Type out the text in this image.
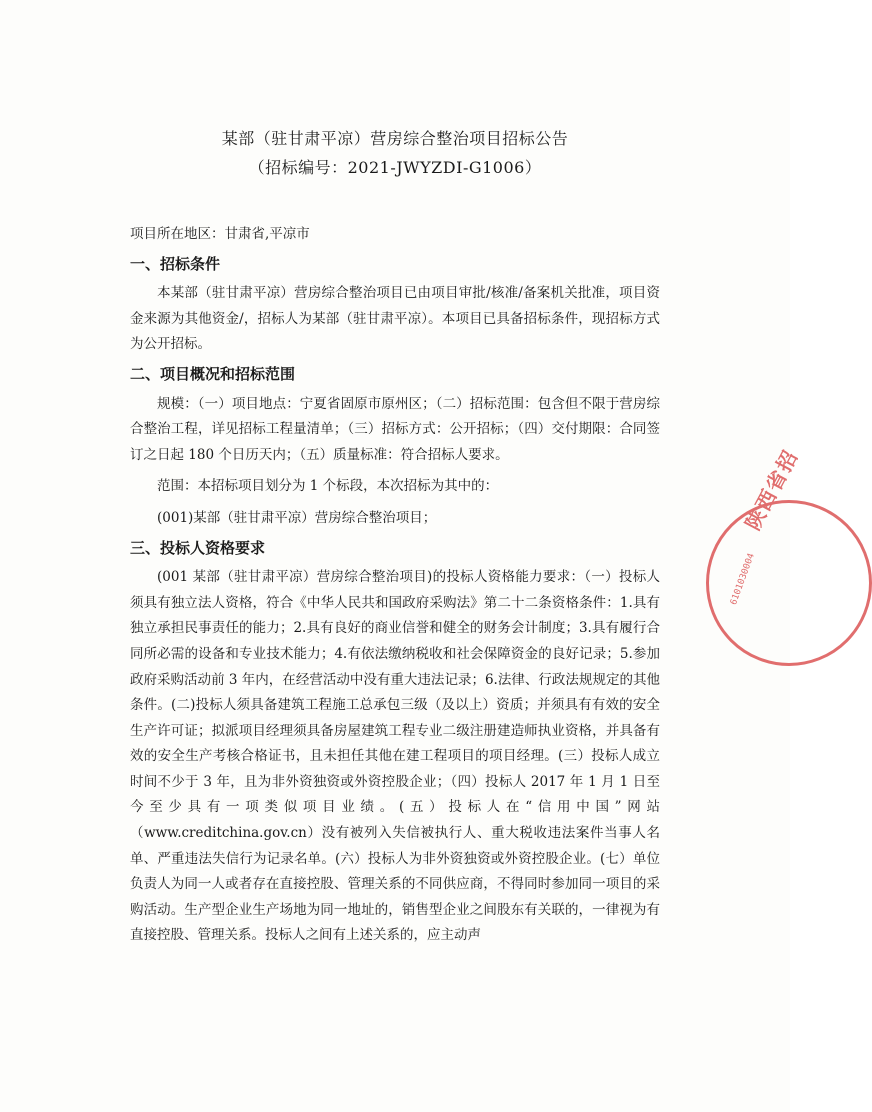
某部（驻甘肃平凉）营房综合整治项目招标公告
（招标编号：2021-JWYZDI-G1006）

项目所在地区：甘肃省,平凉市

一、招标条件

本某部（驻甘肃平凉）营房综合整治项目已由项目审批/核准/备案机关批准，项目资金来源为其他资金/，招标人为某部（驻甘肃平凉）。本项目已具备招标条件，现招标方式为公开招标。

二、项目概况和招标范围

规模：（一）项目地点：宁夏省固原市原州区；（二）招标范围：包含但不限于营房综合整治工程，详见招标工程量清单；（三）招标方式：公开招标；（四）交付期限：合同签订之日起 180 个日历天内；（五）质量标准：符合招标人要求。

范围：本招标项目划分为 1 个标段，本次招标为其中的：

(001)某部（驻甘肃平凉）营房综合整治项目；

三、投标人资格要求

(001 某部（驻甘肃平凉）营房综合整治项目)的投标人资格能力要求：（一）投标人须具有独立法人资格，符合《中华人民共和国政府采购法》第二十二条资格条件：1.具有独立承担民事责任的能力；2.具有良好的商业信誉和健全的财务会计制度；3.具有履行合同所必需的设备和专业技术能力；4.有依法缴纳税收和社会保障资金的良好记录；5.参加政府采购活动前 3 年内，在经营活动中没有重大违法记录；6.法律、行政法规规定的其他条件。(二)投标人须具备建筑工程施工总承包三级（及以上）资质；并须具有有效的安全生产许可证；拟派项目经理须具备房屋建筑工程专业二级注册建造师执业资格，并具备有效的安全生产考核合格证书，且未担任其他在建工程项目的项目经理。(三）投标人成立时间不少于 3 年，且为非外资独资或外资控股企业；（四）投标人 2017 年 1 月 1 日至今至少具有一项类似项目业绩。(五）投标人在“信用中国”网站（www.creditchina.gov.cn）没有被列入失信被执行人、重大税收违法案件当事人名单、严重违法失信行为记录名单。(六）投标人为非外资独资或外资控股企业。(七）单位负责人为同一人或者存在直接控股、管理关系的不同供应商，不得同时参加同一项目的采购活动。生产型企业生产场地为同一地址的，销售型企业之间股东有关联的，一律视为有直接控股、管理关系。投标人之间有上述关系的，应主动声

陕西省招
6101030004
